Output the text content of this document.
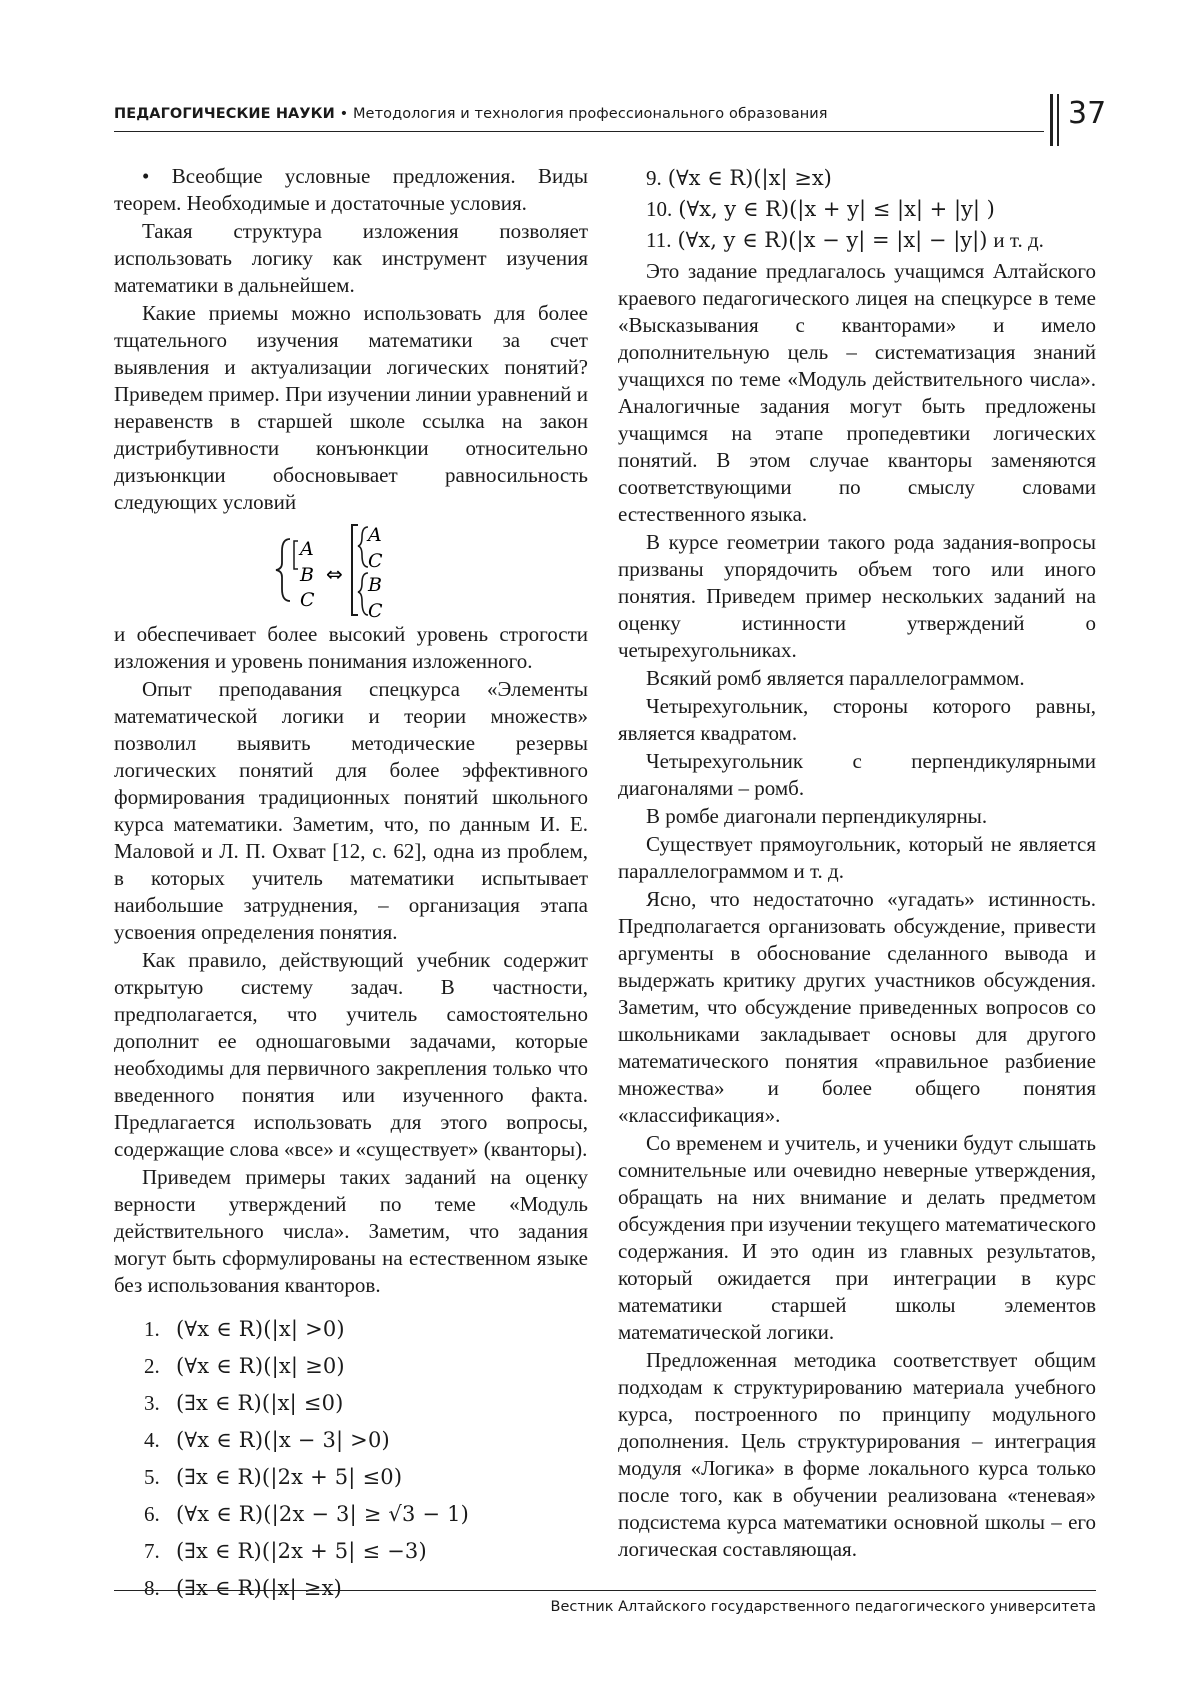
ПЕДАГОГИЧЕСКИЕ НАУКИ • Методология и технология профессионального образования	37

• Всеобщие условные предложения. Виды теорем. Необходимые и достаточные условия.

Такая структура изложения позволяет использовать логику как инструмент изучения математики в дальнейшем.

Какие приемы можно использовать для более тщательного изучения математики за счет выявления и актуализации логических понятий? Приведем пример. При изучении линии уравнений и неравенств в старшей школе ссылка на закон дистрибутивности конъюнкции относительно дизъюнкции обосновывает равносильность следующих условий

A
B
C
⇔
A
C
B
C

и обеспечивает более высокий уровень строгости изложения и уровень понимания изложенного.

Опыт преподавания спецкурса «Элементы математической логики и теории множеств» позволил выявить методические резервы логических понятий для более эффективного формирования традиционных понятий школьного курса математики. Заметим, что, по данным И. Е. Маловой и Л. П. Охват [12, с. 62], одна из проблем, в которых учитель математики испытывает наибольшие затруднения, – организация этапа усвоения определения понятия.

Как правило, действующий учебник содержит открытую систему задач. В частности, предполагается, что учитель самостоятельно дополнит ее одношаговыми задачами, которые необходимы для первичного закрепления только что введенного понятия или изученного факта. Предлагается использовать для этого вопросы, содержащие слова «все» и «существует» (кванторы).

Приведем примеры таких заданий на оценку верности утверждений по теме «Модуль действительного числа». Заметим, что задания могут быть сформулированы на естественном языке без использования кванторов.

1. (∀x ∈ R)(|x| >0)
2. (∀x ∈ R)(|x| ≥0)
3. (∃x ∈ R)(|x| ≤0)
4. (∀x ∈ R)(|x − 3| >0)
5. (∃x ∈ R)(|2x + 5| ≤0)
6. (∀x ∈ R)(|2x − 3| ≥ √3 − 1)
7. (∃x ∈ R)(|2x + 5| ≤ −3)
8. (∃x ∈ R)(|x| ≥x)
9. (∀x ∈ R)(|x| ≥x)
10. (∀x, y ∈ R)(|x + y| ≤ |x| + |y| )
11. (∀x, y ∈ R)(|x − y| = |x| − |y|) и т. д.

Это задание предлагалось учащимся Алтайского краевого педагогического лицея на спецкурсе в теме «Высказывания с кванторами» и имело дополнительную цель – систематизация знаний учащихся по теме «Модуль действительного числа». Аналогичные задания могут быть предложены учащимся на этапе пропедевтики логических понятий. В этом случае кванторы заменяются соответствующими по смыслу словами естественного языка.

В курсе геометрии такого рода задания-вопросы призваны упорядочить объем того или иного понятия. Приведем пример нескольких заданий на оценку истинности утверждений о четырехугольниках.

Всякий ромб является параллелограммом.

Четырехугольник, стороны которого равны, является квадратом.

Четырехугольник с перпендикулярными диагоналями – ромб.

В ромбе диагонали перпендикулярны.

Существует прямоугольник, который не является параллелограммом и т. д.

Ясно, что недостаточно «угадать» истинность. Предполагается организовать обсуждение, привести аргументы в обоснование сделанного вывода и выдержать критику других участников обсуждения. Заметим, что обсуждение приведенных вопросов со школьниками закладывает основы для другого математического понятия «правильное разбиение множества» и более общего понятия «классификация».

Со временем и учитель, и ученики будут слышать сомнительные или очевидно неверные утверждения, обращать на них внимание и делать предметом обсуждения при изучении текущего математического содержания. И это один из главных результатов, который ожидается при интеграции в курс математики старшей школы элементов математической логики.

Предложенная методика соответствует общим подходам к структурированию материала учебного курса, построенного по принципу модульного дополнения. Цель структурирования – интеграция модуля «Логика» в форме локального курса только после того, как в обучении реализована «теневая» подсистема курса математики основной школы – его логическая составляющая.

Вестник Алтайского государственного педагогического университета
